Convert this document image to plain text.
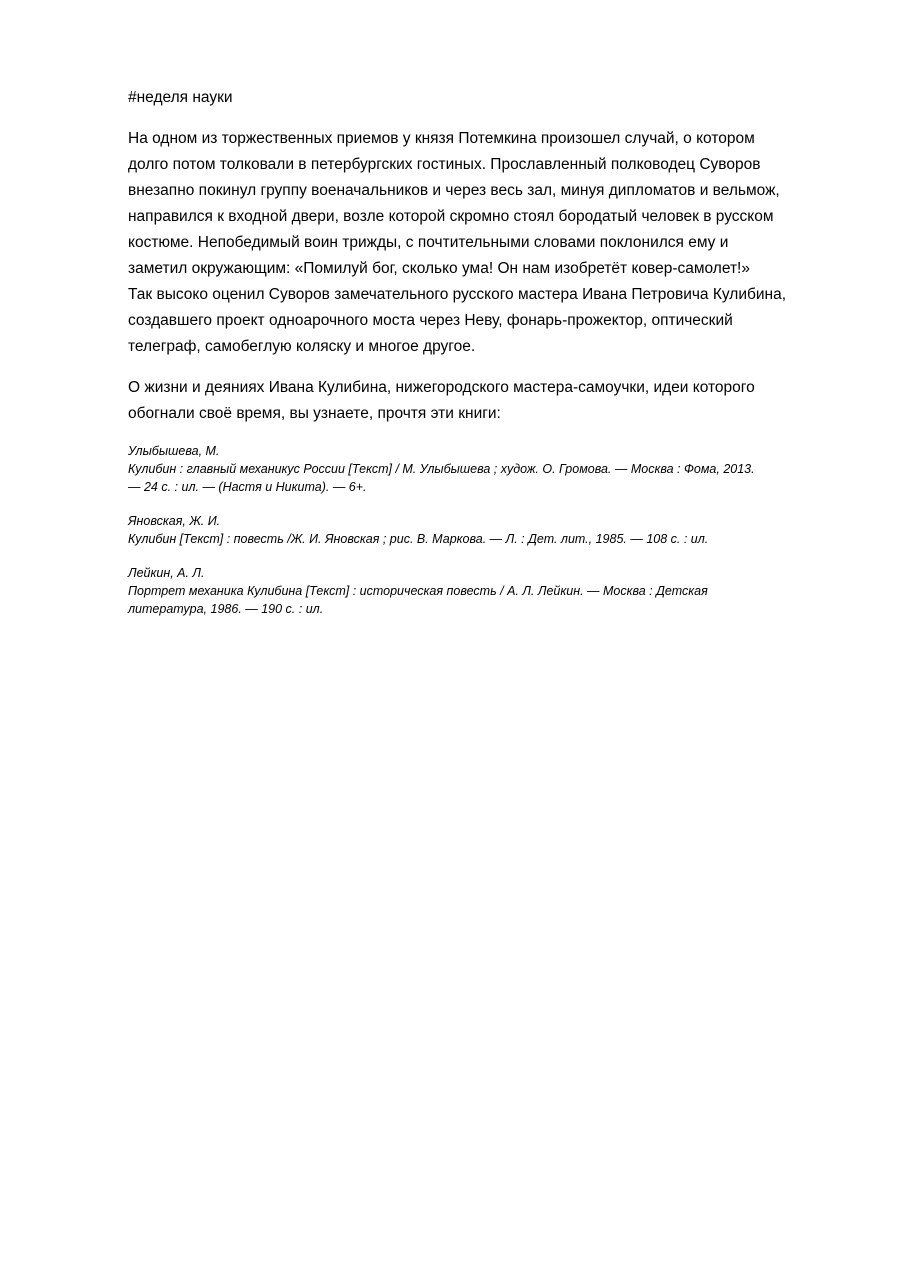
#неделя науки
На одном из торжественных приемов у князя Потемкина произошел случай, о котором
долго потом толковали в петербургских гостиных. Прославленный полководец Суворов
внезапно покинул группу военачальников и через весь зал, минуя дипломатов и вельмож,
направился к входной двери, возле которой скромно стоял бородатый человек в русском
костюме. Непобедимый воин трижды, с почтительными словами поклонился ему и
заметил окружающим: «Помилуй бог, сколько ума! Он нам изобретёт ковер-самолет!»
Так высоко оценил Суворов замечательного русского мастера Ивана Петровича Кулибина,
создавшего проект одноарочного моста через Неву, фонарь-прожектор, оптический
телеграф, самобеглую коляску и многое другое.
О жизни и деяниях Ивана Кулибина, нижегородского мастера-самоучки, идеи которого
обогнали своё время, вы узнаете, прочтя эти книги:
Улыбышева, М.
Кулибин : главный механикус России [Текст] / М. Улыбышева ; худож. О. Громова. — Москва : Фома, 2013.
— 24 с. : ил. — (Настя и Никита). — 6+.
Яновская, Ж. И.
Кулибин [Текст] : повесть /Ж. И. Яновская ; рис. В. Маркова. — Л. : Дет. лит., 1985. — 108 с. : ил.
Лейкин, А. Л.
Портрет механика Кулибина [Текст] : историческая повесть / А. Л. Лейкин. — Москва : Детская
литература, 1986. — 190 с. : ил.
